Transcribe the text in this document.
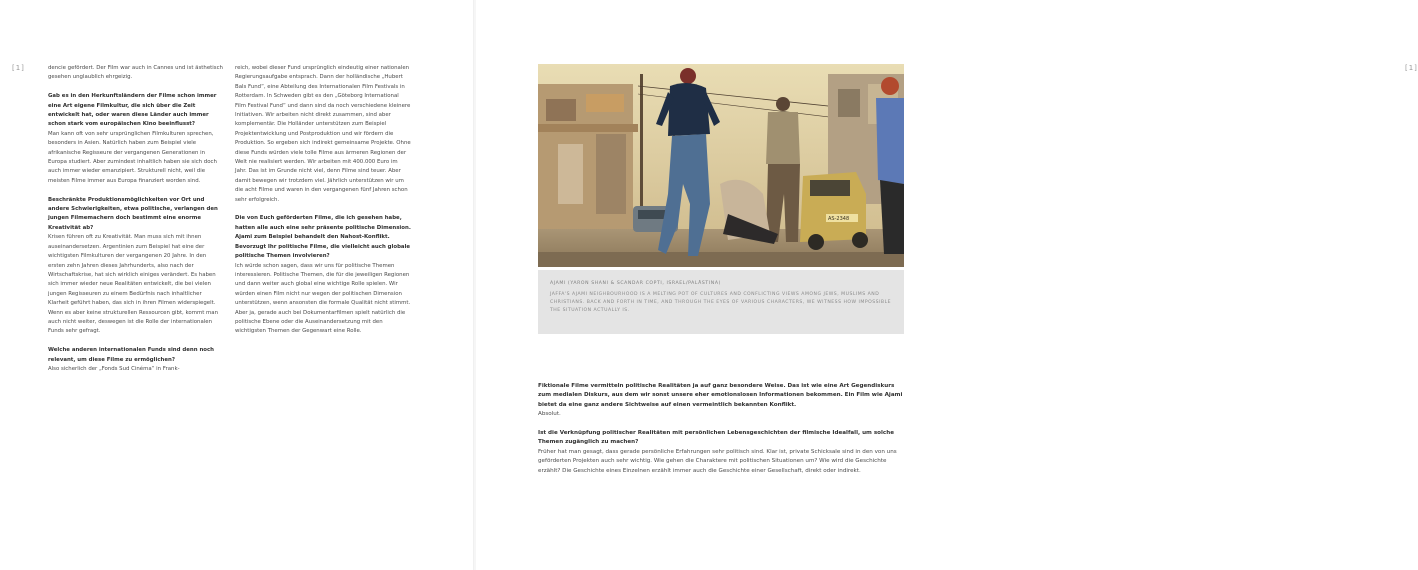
[1]	dencie gefördert. Der Film war auch in Cannes und ist ästhetisch gesehen unglaublich ehrgeizig.

Gab es in den Herkunftsländern der Filme schon immer eine Art eigene Filmkultur, die sich über die Zeit entwickelt hat, oder waren diese Länder auch immer schon stark vom europäischen Kino beeinflusst?

Man kann oft von sehr ursprünglichen Filmkulturen sprechen, besonders in Asien. Natürlich haben zum Beispiel viele afrikanische Regisseure der vergangenen Generationen in Europa studiert. Aber zumindest inhaltlich haben sie sich doch auch immer wieder emanzipiert. Strukturell nicht, weil die meisten Filme immer aus Europa finanziert worden sind.

Beschränkte Produktionsmöglichkeiten vor Ort und andere Schwierigkeiten, etwa politische, verlangen den jungen Filmemachern doch bestimmt eine enorme Kreativität ab?

Krisen führen oft zu Kreativität. Man muss sich mit ihnen auseinandersetzen. Argentinien zum Beispiel hat eine der wichtigsten Filmkulturen der vergangenen 20 Jahre. In den ersten zehn Jahren dieses Jahrhunderts, also nach der Wirtschaftskrise, hat sich wirklich einiges verändert. Es haben sich immer wieder neue Realitäten entwickelt, die bei vielen jungen Regisseuren zu einem Bedürfnis nach inhaltlicher Klarheit geführt haben, das sich in ihren Filmen widerspiegelt. Wenn es aber keine strukturellen Ressourcen gibt, kommt man auch nicht weiter, deswegen ist die Rolle der internationalen Funds sehr gefragt.

Welche anderen internationalen Funds sind denn noch relevant, um diese Filme zu ermöglichen?

Also sicherlich der „Fonds Sud Cinéma“ in Frank-

reich, wobei dieser Fund ursprünglich eindeutig einer nationalen Regierungsaufgabe entsprach. Dann der holländische „Hubert Bals Fund“, eine Abteilung des Internationalen Film Festivals in Rotterdam. In Schweden gibt es den „Göteborg International Film Festival Fund“ und dann sind da noch verschiedene kleinere Initiativen. Wir arbeiten nicht direkt zusammen, sind aber komplementär. Die Holländer unterstützen zum Beispiel Projektentwicklung und Postproduktion und wir fördern die Produktion. So ergeben sich indirekt gemeinsame Projekte. Ohne diese Funds würden viele tolle Filme aus ärmeren Regionen der Welt nie realisiert werden. Wir arbeiten mit 400.000 Euro im Jahr. Das ist im Grunde nicht viel, denn Filme sind teuer. Aber damit bewegen wir trotzdem viel. Jährlich unterstützen wir um die acht Filme und waren in den vergangenen fünf Jahren schon sehr erfolgreich.

Die von Euch geförderten Filme, die ich gesehen habe, hatten alle auch eine sehr präsente politische Dimension. Ajami zum Beispiel behandelt den Nahost-Konflikt. Bevorzugt Ihr politische Filme, die vielleicht auch globale politische Themen involvieren?

Ich würde schon sagen, dass wir uns für politische Themen interessieren. Politische Themen, die für die jeweiligen Regionen und dann weiter auch global eine wichtige Rolle spielen. Wir würden einen Film nicht nur wegen der politischen Dimension unterstützen, wenn ansonsten die formale Qualität nicht stimmt. Aber ja, gerade auch bei Dokumentarfilmen spielt natürlich die politische Ebene oder die Auseinandersetzung mit den wichtigsten Themen der Gegenwart eine Rolle.

[1]
AS-2348
AJAMI (YARON SHANI & SCANDAR COPTI, ISRAEL/PALÄSTINA)
JAFFA'S AJAMI NEIGHBOURHOOD IS A MELTING POT OF CULTURES AND CONFLICTING VIEWS AMONG JEWS, MUSLIMS AND CHRISTIANS. BACK AND FORTH IN TIME, AND THROUGH THE EYES OF VARIOUS CHARACTERS, WE WITNESS HOW IMPOSSIBLE THE SITUATION ACTUALLY IS.

Fiktionale Filme vermitteln politische Realitäten ja auf ganz besondere Weise. Das ist wie eine Art Gegendiskurs zum medialen Diskurs, aus dem wir sonst unsere eher emotionslosen Informationen bekommen. Ein Film wie Ajami bietet da eine ganz andere Sichtweise auf einen vermeintlich bekannten Konflikt.

Absolut.

Ist die Verknüpfung politischer Realitäten mit persönlichen Lebensgeschichten der filmische Idealfall, um solche Themen zugänglich zu machen?

Früher hat man gesagt, dass gerade persönliche Erfahrungen sehr politisch sind. Klar ist, private Schicksale sind in den von uns geförderten Projekten auch sehr wichtig. Wie gehen die Charaktere mit politischen Situationen um? Wie wird die Geschichte erzählt? Die Geschichte eines Einzelnen erzählt immer auch die Geschichte einer Gesellschaft, direkt oder indirekt.
